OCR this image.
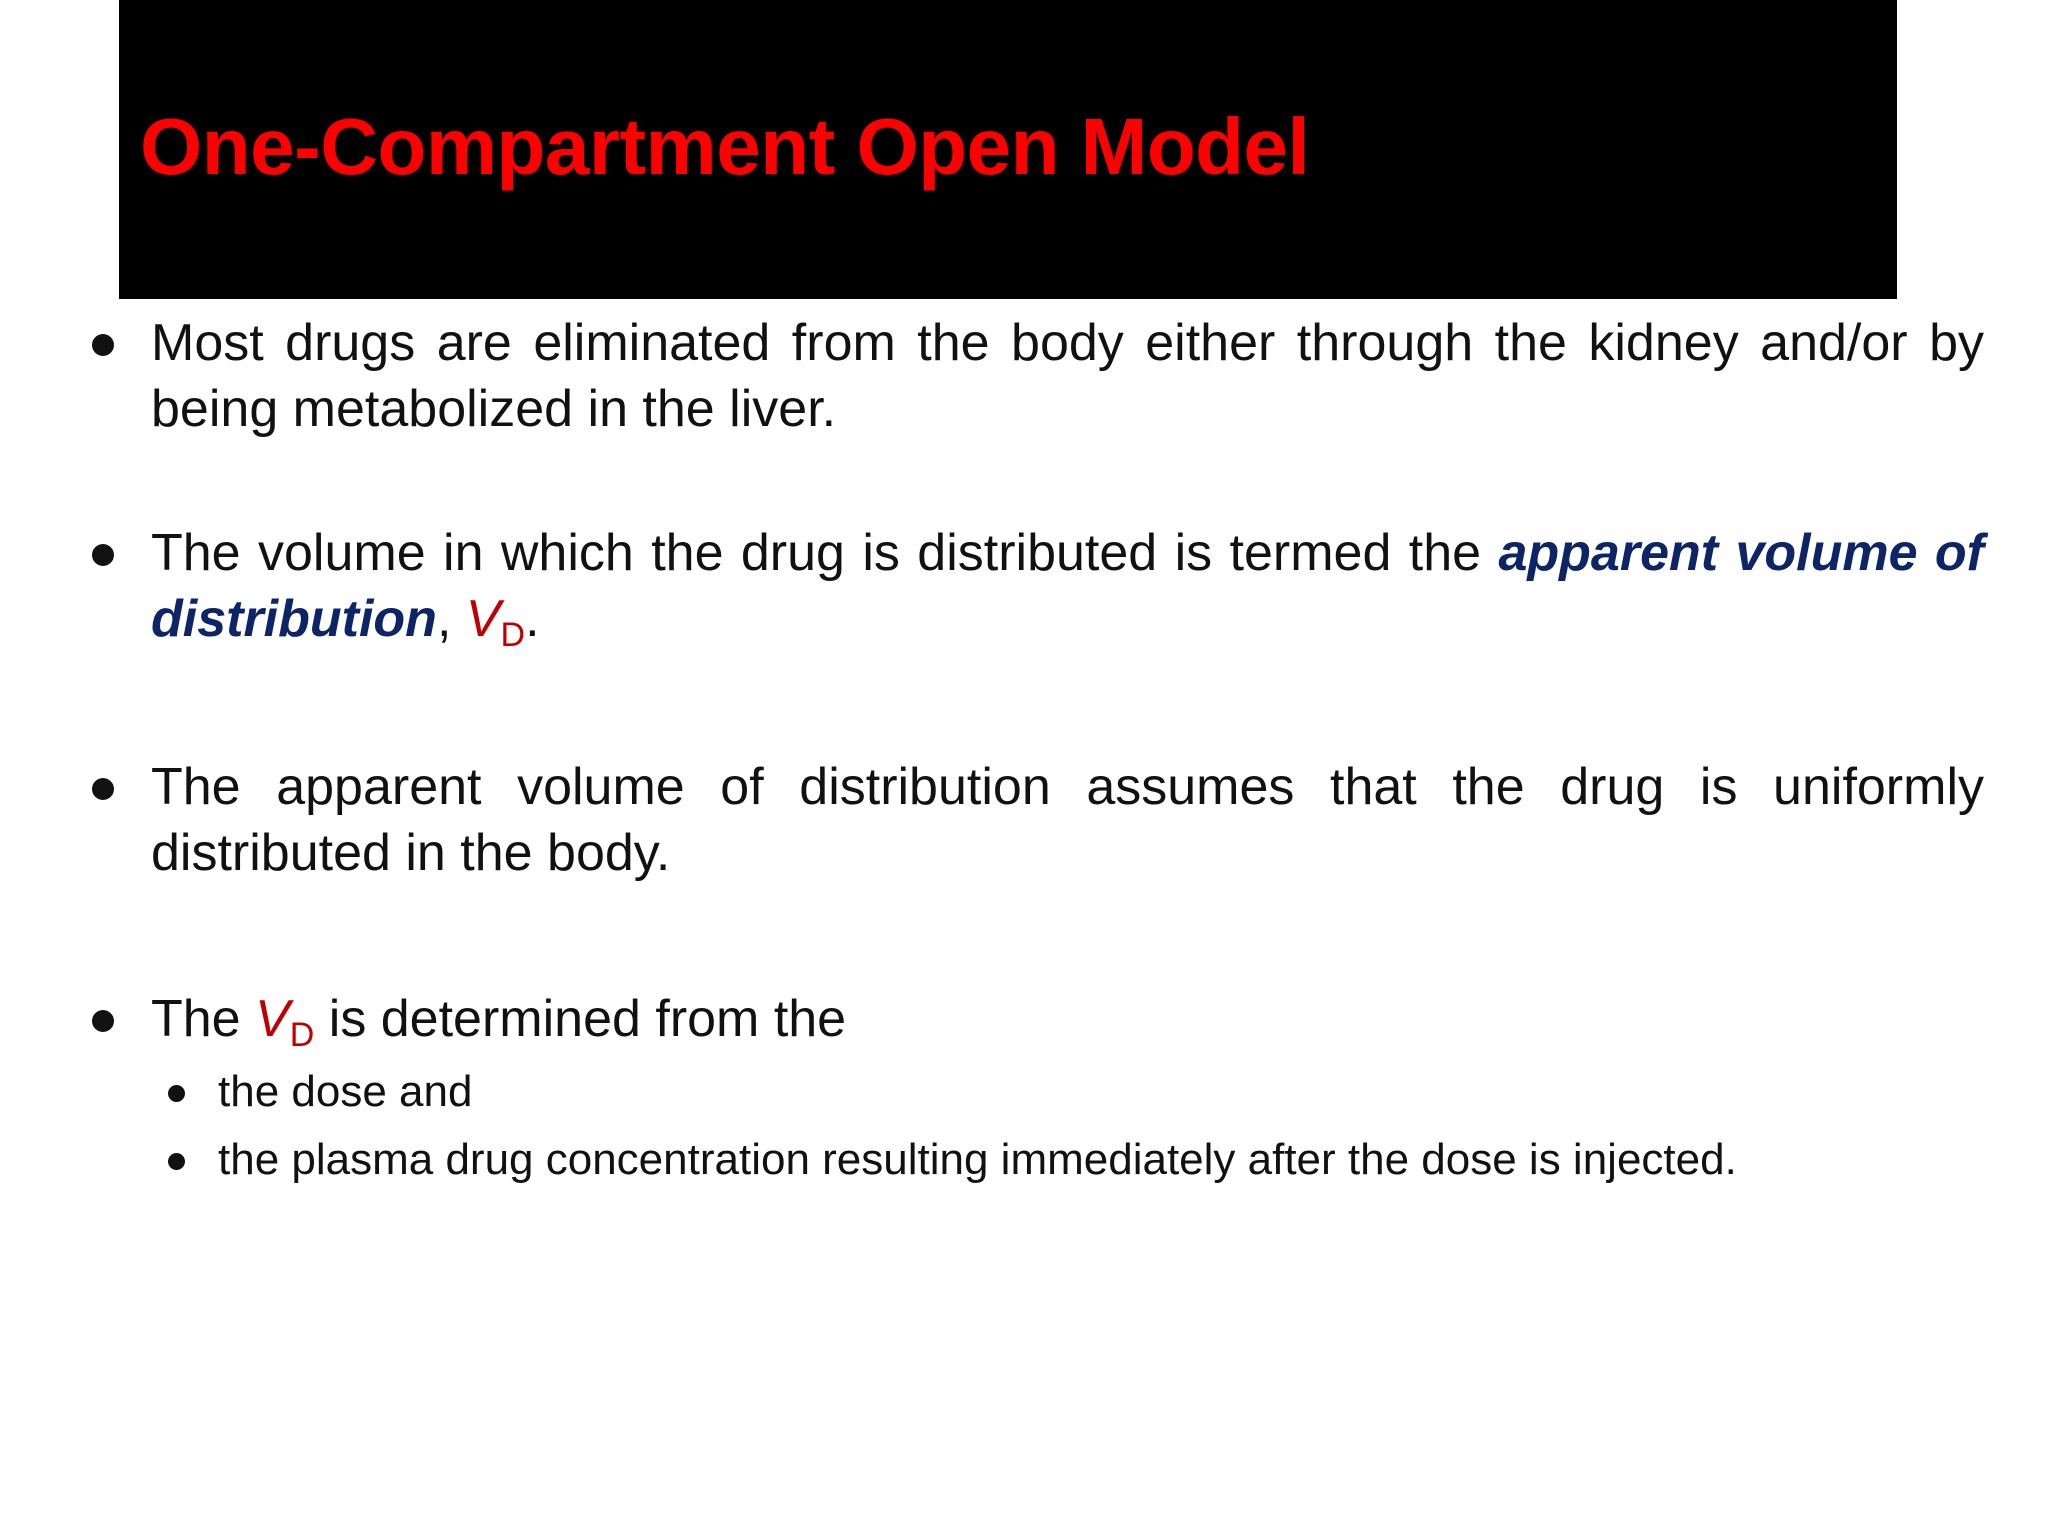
One-Compartment Open Model
Most drugs are eliminated from the body either through the kidney and/or by being metabolized in the liver.
The volume in which the drug is distributed is termed the apparent volume of distribution, $V_D$.
The apparent volume of distribution assumes that the drug is uniformly distributed in the body.
The $V_D$ is determined from the
the dose and
the plasma drug concentration resulting immediately after the dose is injected.
